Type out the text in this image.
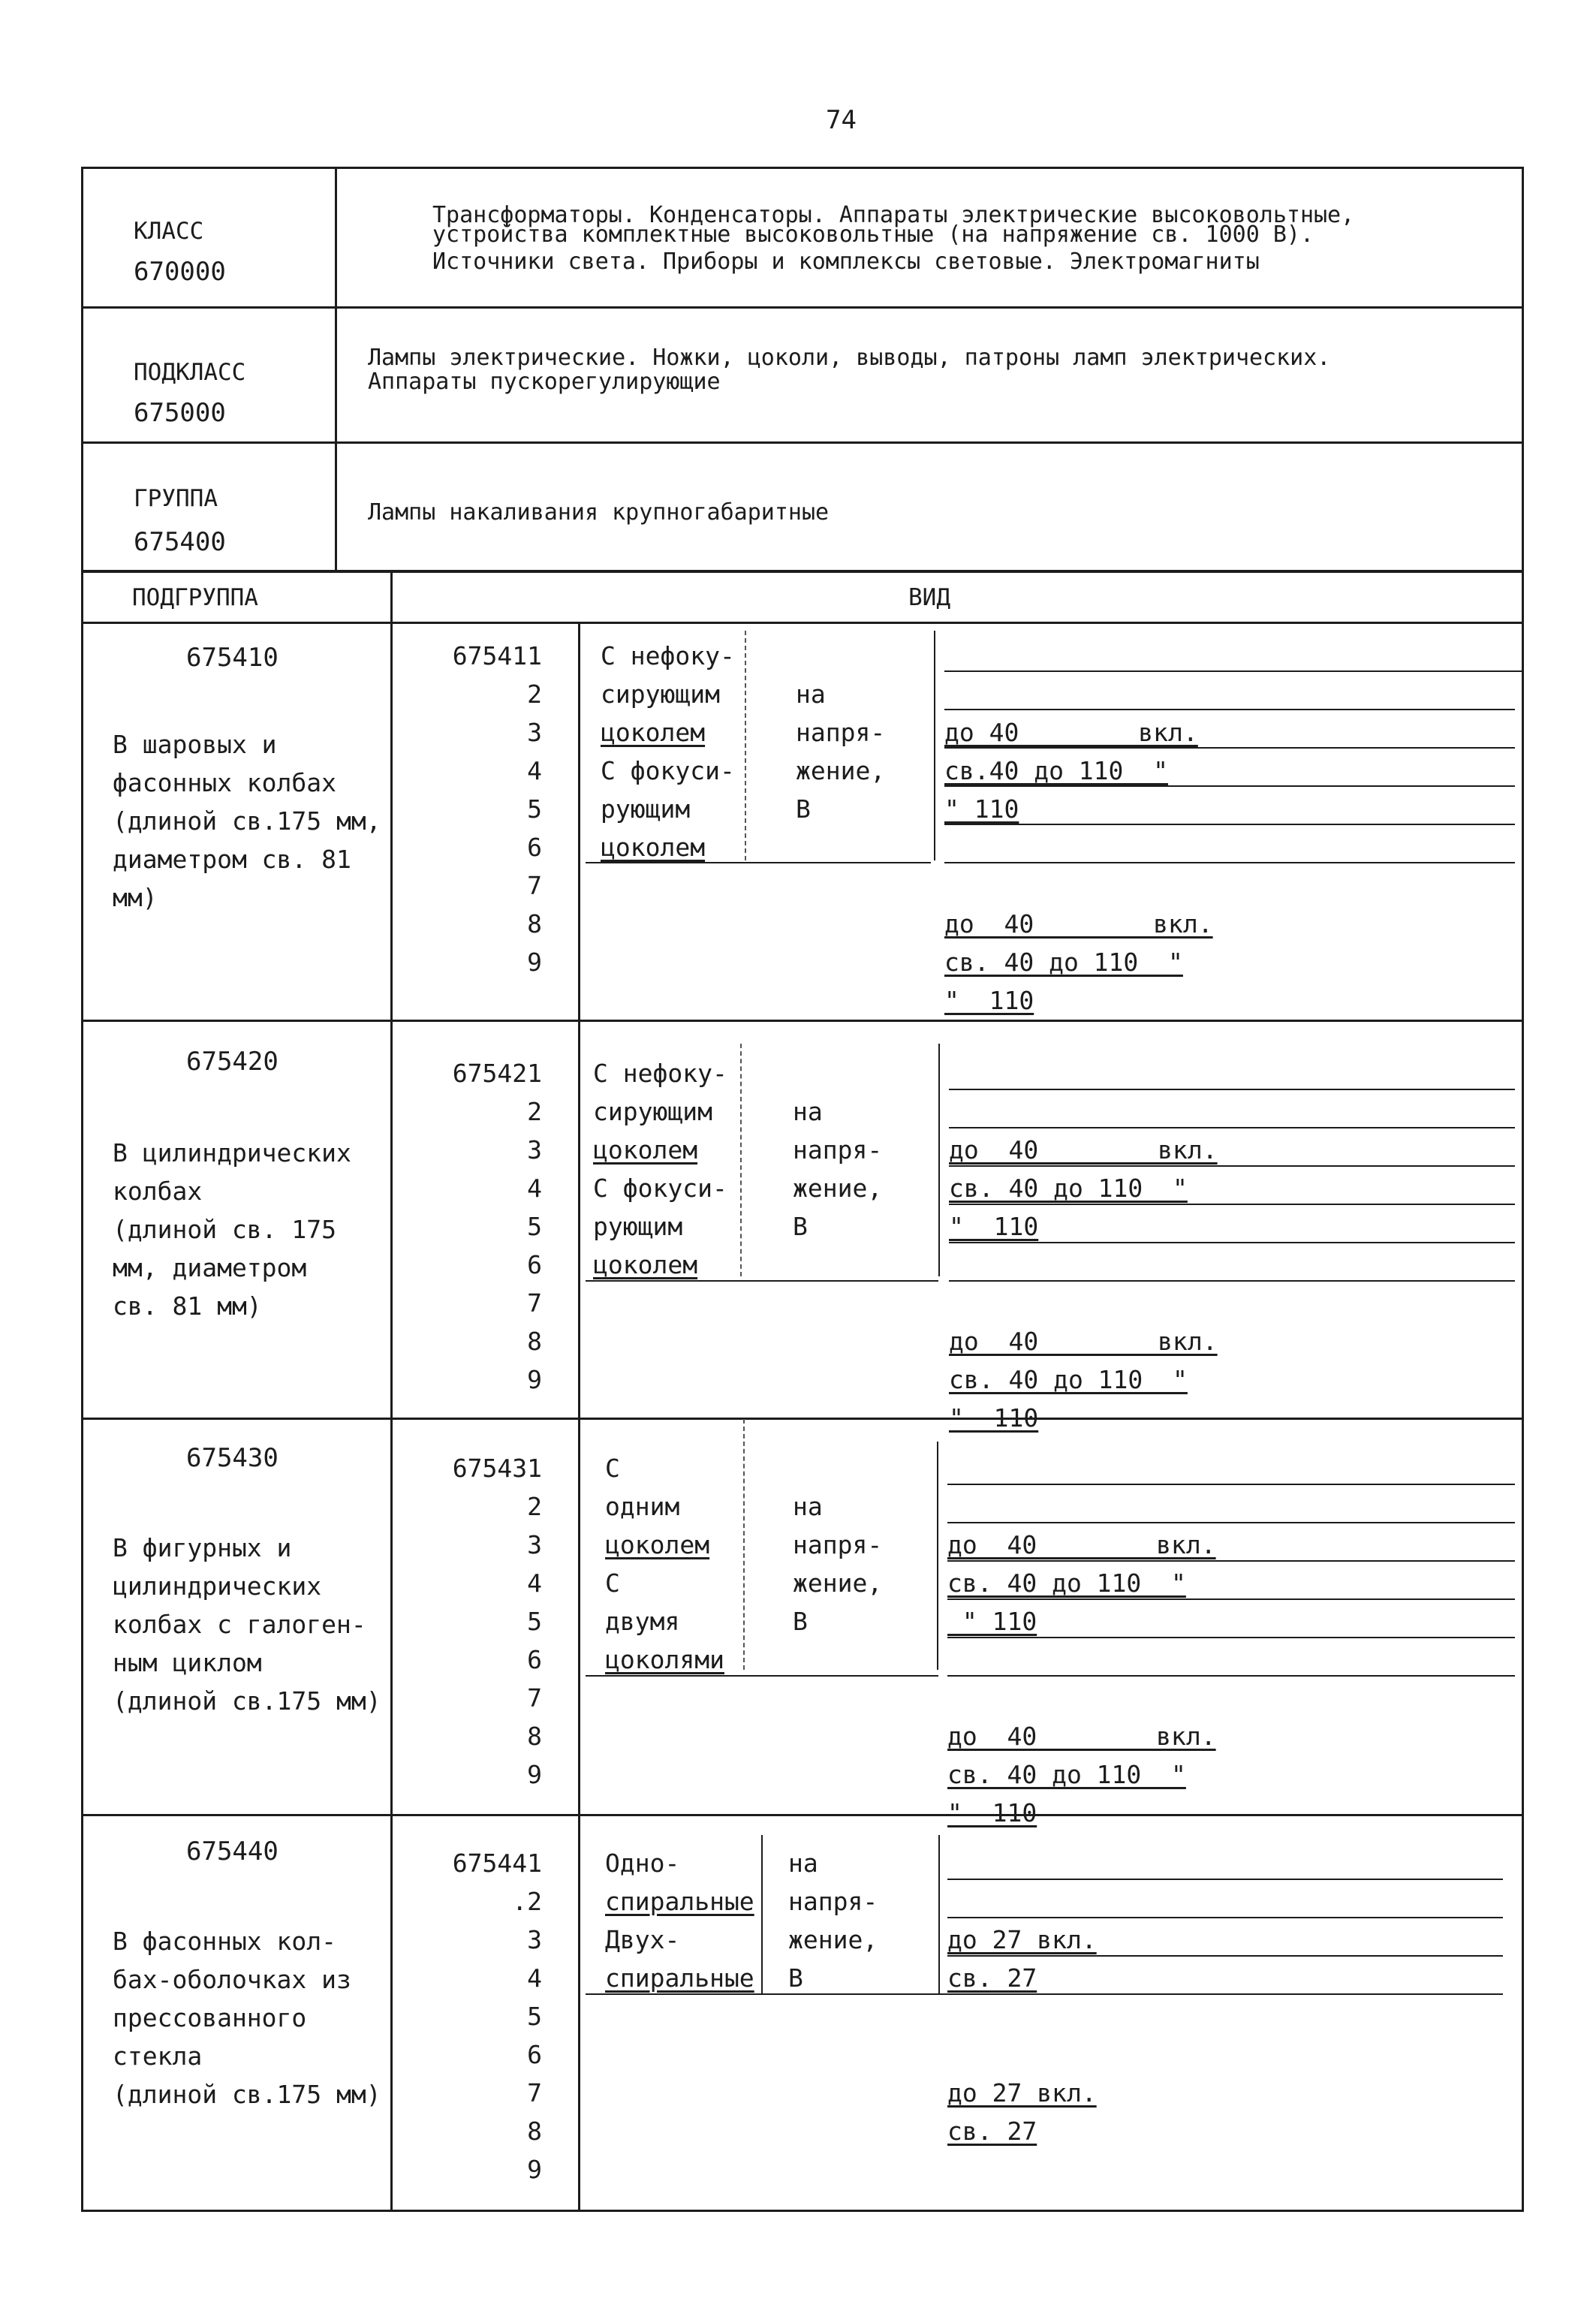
74
КЛАСС
670000
Трансформаторы. Конденсаторы. Аппараты электрические высоковольтные,
устройства комплектные высоковольтные (на напряжение св. 1000 В).
Источники света. Приборы и комплексы световые. Электромагниты
ПОДКЛАСС
675000
Лампы электрические. Ножки, цоколи, выводы, патроны ламп электрических.
Аппараты пускорегулирующие
ГРУППА
675400
Лампы накаливания крупногабаритные
ПОДГРУППА	ВИД
675410
В шаровых и
фасонных колбах
(длиной св.175 мм,
диаметром св. 81
мм)
675411
2
3
4
5
6
7
8
9
С нефоку-
сирующим
цоколем
С фокуси-
рующим
цоколем

на
напря-
жение,
В

до 40        вкл.
св.40 до 110  "
" 110

до  40        вкл.
св. 40 до 110  "
"  110

675420
В цилиндрических
колбах
(длиной св. 175
мм, диаметром
св. 81 мм)
675421
2
3
4
5
6
7
8
9
С нефоку-
сирующим
цоколем
С фокуси-
рующим
цоколем

на
напря-
жение,
В

до  40        вкл.
св. 40 до 110  "
"  110

до  40        вкл.
св. 40 до 110  "
"  110

675430
В фигурных и
цилиндрических
колбах с галоген-
ным циклом
(длиной св.175 мм)
675431
2
3
4
5
6
7
8
9
С
одним
цоколем
С
двумя
цоколями

на
напря-
жение,
В

до  40        вкл.
св. 40 до 110  "
" 110

до  40        вкл.
св. 40 до 110  "
"  110

675440
В фасонных кол-
бах-оболочках из
прессованного
стекла
(длиной св.175 мм)
675441
.2
3
4
5
6
7
8
9
Одно-
спиральные
Двух-
спиральные
на
напря-
жение,
В

до 27 вкл.
св. 27

до 27 вкл.
св. 27
